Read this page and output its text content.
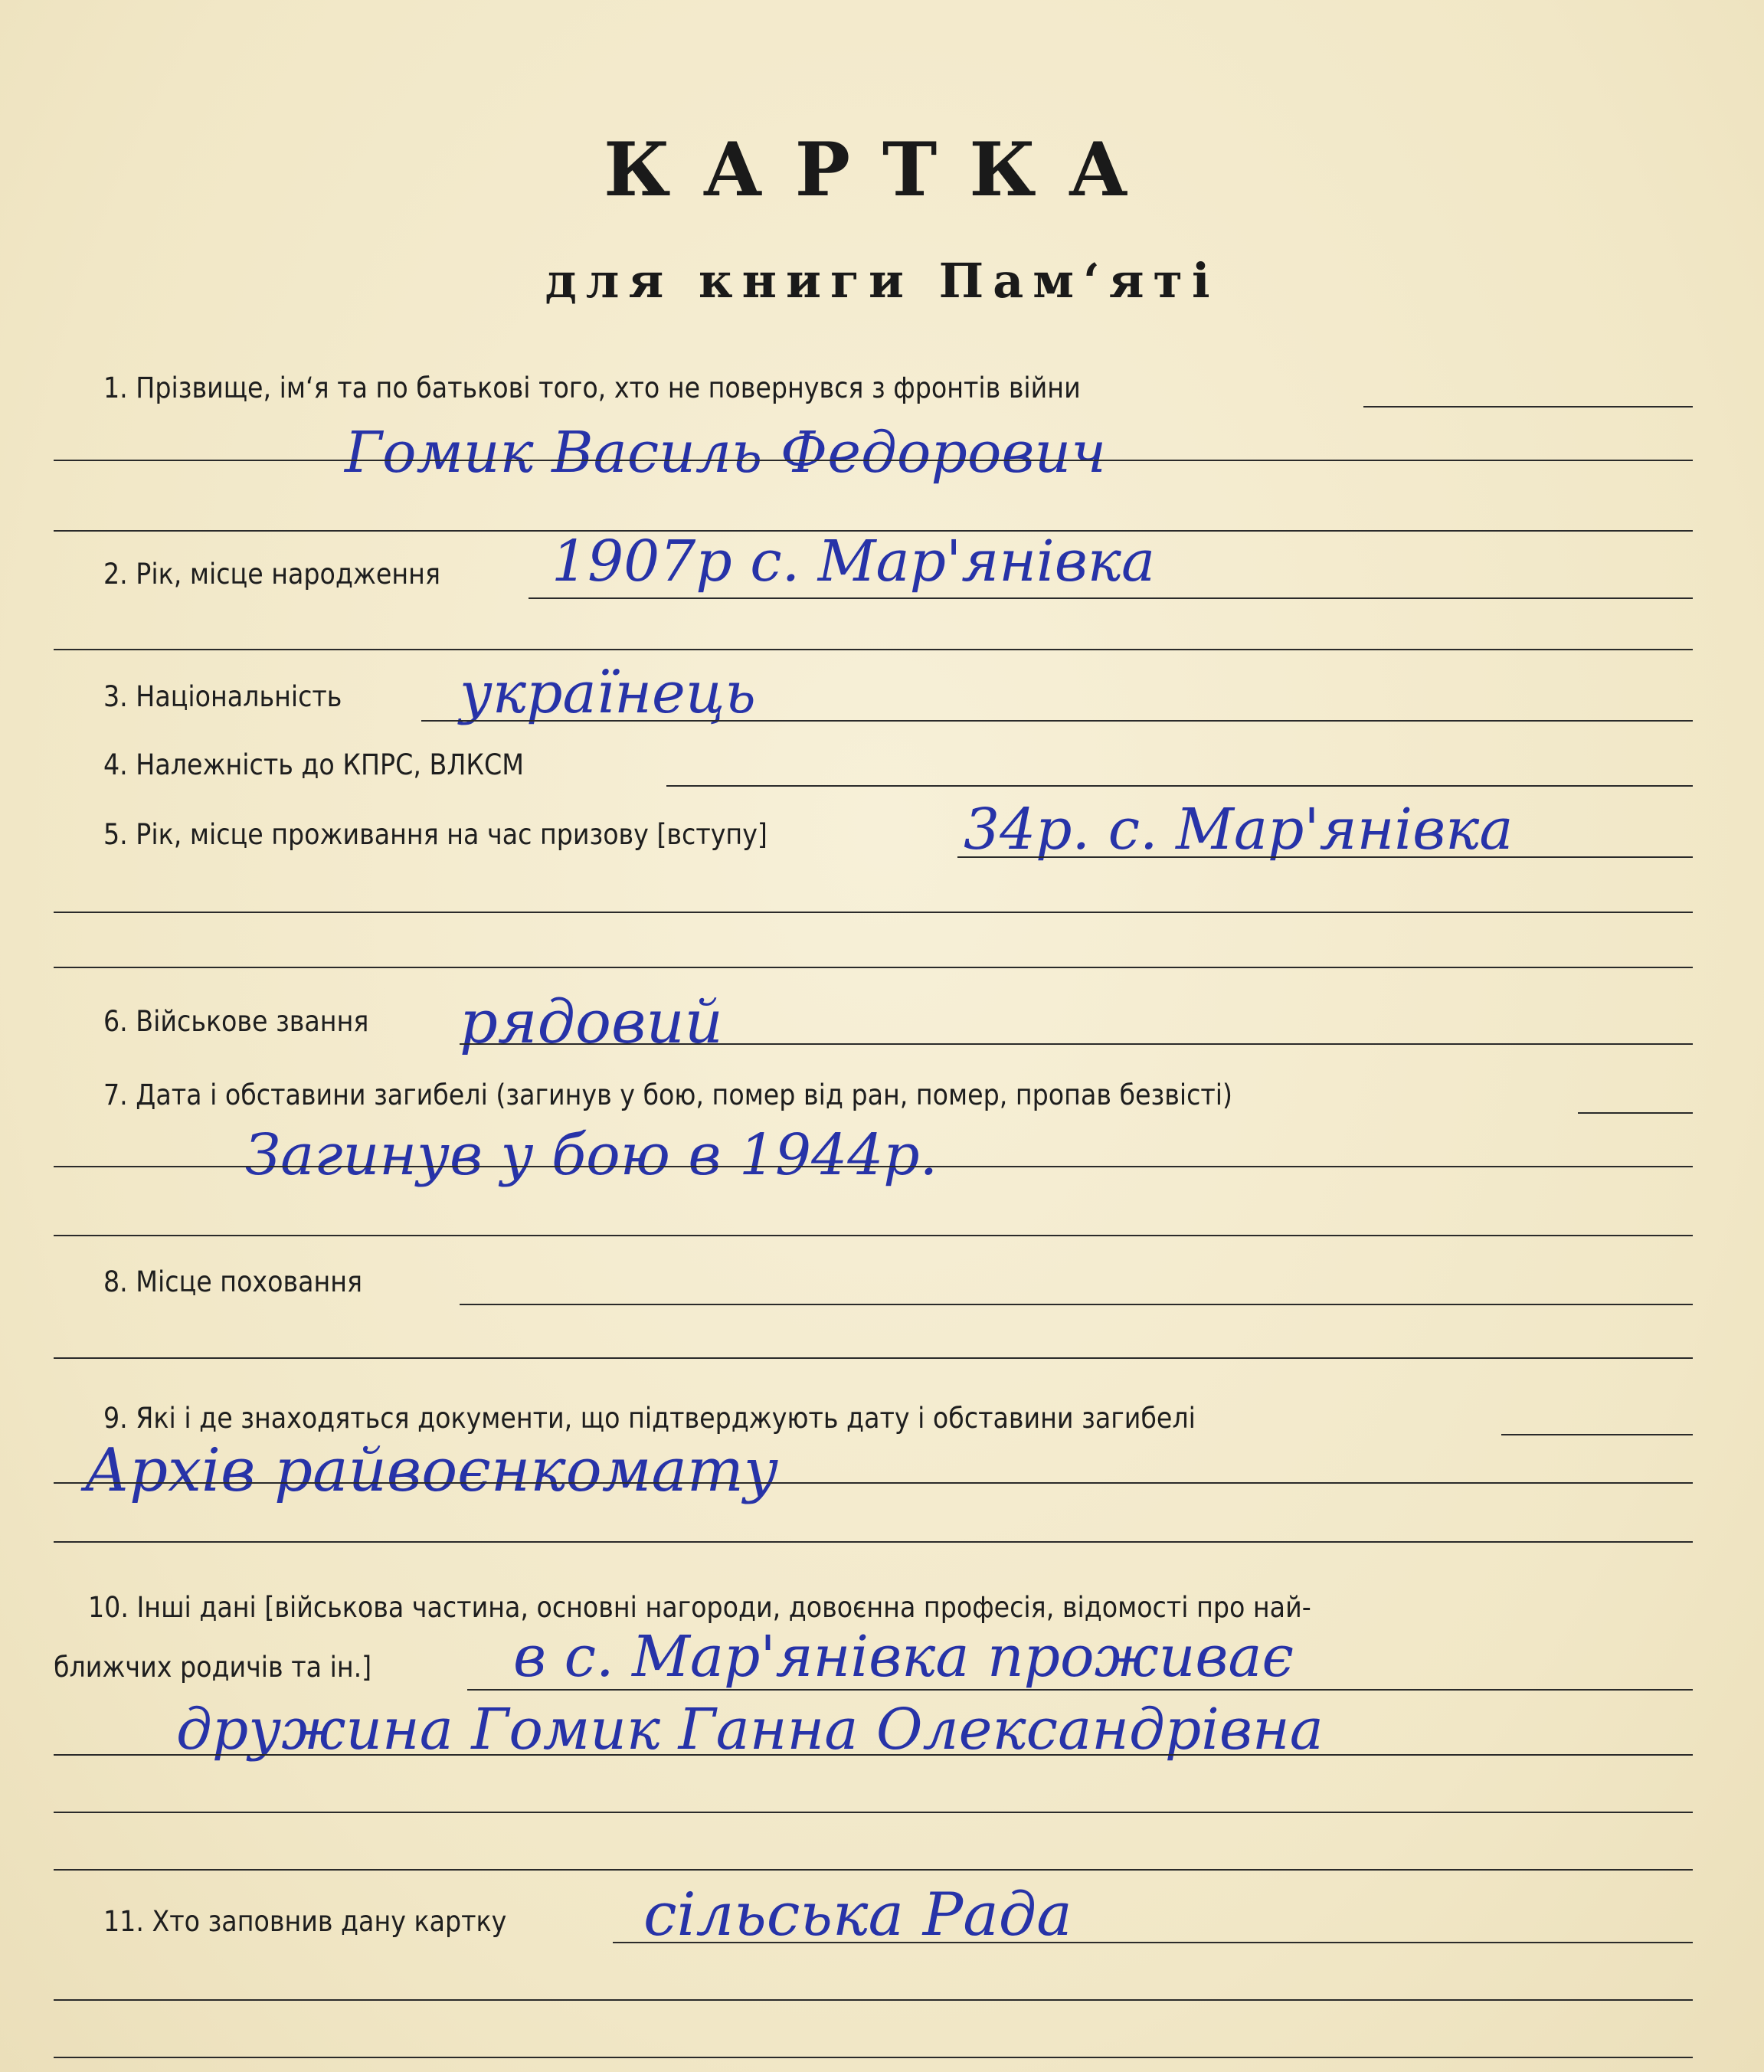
КАРТКА
для книги Пам‘яті
1. Прізвище, ім‘я та по батькові того, хто не повернувся з фронтів війни
Гомик Василь Федорович
2. Рік, місце народження 1907р с. Мар'янівка
3. Національність українець
4. Належність до КПРС, ВЛКСМ
5. Рік, місце проживання на час призову [вступу]	34р. с. Мар'янівка
6. Військове звання рядовий
7. Дата і обставини загибелі (загинув у бою, помер від ран, помер, пропав безвісті)
Загинув у бою в 1944р.
8. Місце поховання
9. Які і де знаходяться документи, що підтверджують дату і обставини загибелі
Архів райвоєнкомату
10. Інші дані [військова частина, основні нагороди, довоєнна професія, відомості про най-
ближчих родичів та ін.] в с. Мар'янівка проживає
дружина Гомик Ганна Олександрівна
11. Хто заповнив дану картку сільська Рада
